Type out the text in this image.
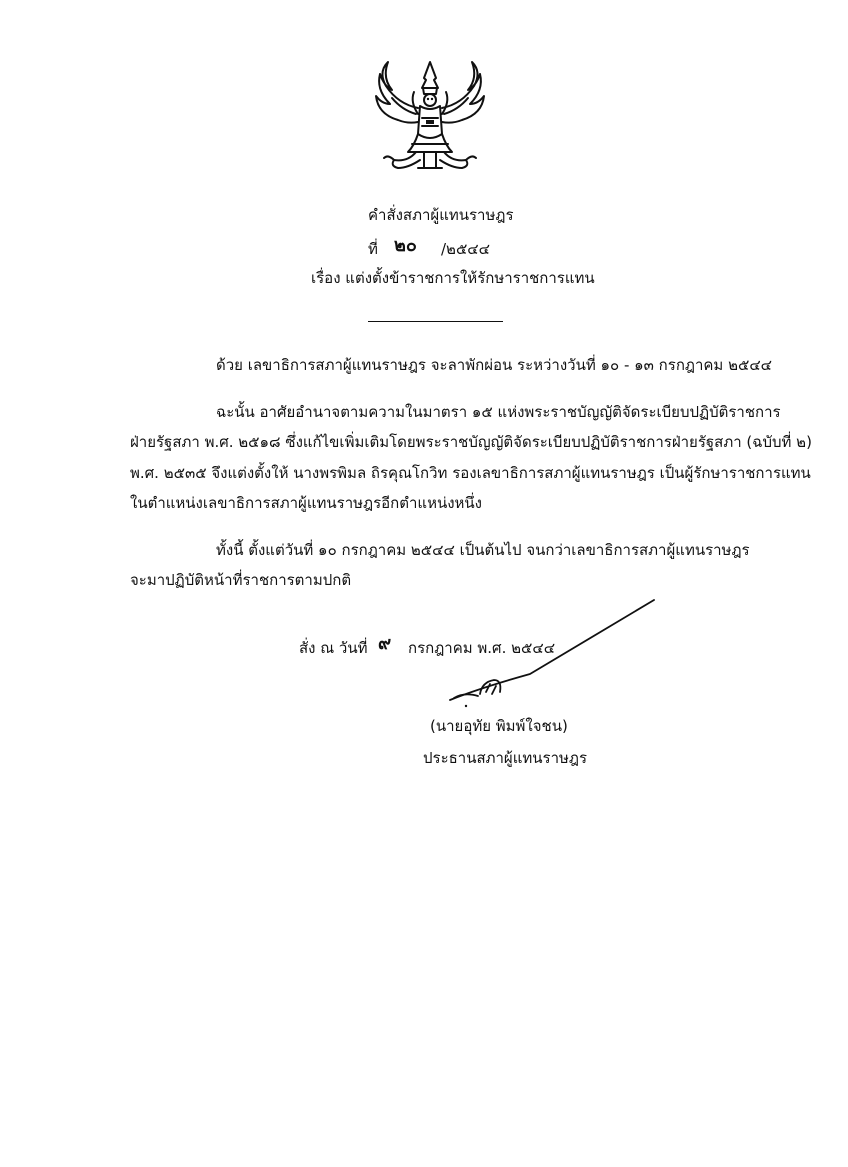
คำสั่งสภาผู้แทนราษฎร
ที่ ๒๐ /๒๕๔๔
เรื่อง แต่งตั้งข้าราชการให้รักษาราชการแทน
ด้วย เลขาธิการสภาผู้แทนราษฎร จะลาพักผ่อน ระหว่างวันที่ ๑๐ - ๑๓ กรกฎาคม ๒๕๔๔
ฉะนั้น อาศัยอำนาจตามความในมาตรา ๑๕ แห่งพระราชบัญญัติจัดระเบียบปฏิบัติราชการ
ฝ่ายรัฐสภา พ.ศ. ๒๕๑๘ ซึ่งแก้ไขเพิ่มเติมโดยพระราชบัญญัติจัดระเบียบปฏิบัติราชการฝ่ายรัฐสภา (ฉบับที่ ๒)
พ.ศ. ๒๕๓๕ จึงแต่งตั้งให้ นางพรพิมล ถิรคุณโกวิท รองเลขาธิการสภาผู้แทนราษฎร เป็นผู้รักษาราชการแทน
ในตำแหน่งเลขาธิการสภาผู้แทนราษฎรอีกตำแหน่งหนึ่ง
ทั้งนี้ ตั้งแต่วันที่ ๑๐ กรกฎาคม ๒๕๔๔ เป็นต้นไป จนกว่าเลขาธิการสภาผู้แทนราษฎร
จะมาปฏิบัติหน้าที่ราชการตามปกติ
สั่ง ณ วันที่ ๙ กรกฎาคม พ.ศ. ๒๕๔๔
(นายอุทัย พิมพ์ใจชน)
ประธานสภาผู้แทนราษฎร
